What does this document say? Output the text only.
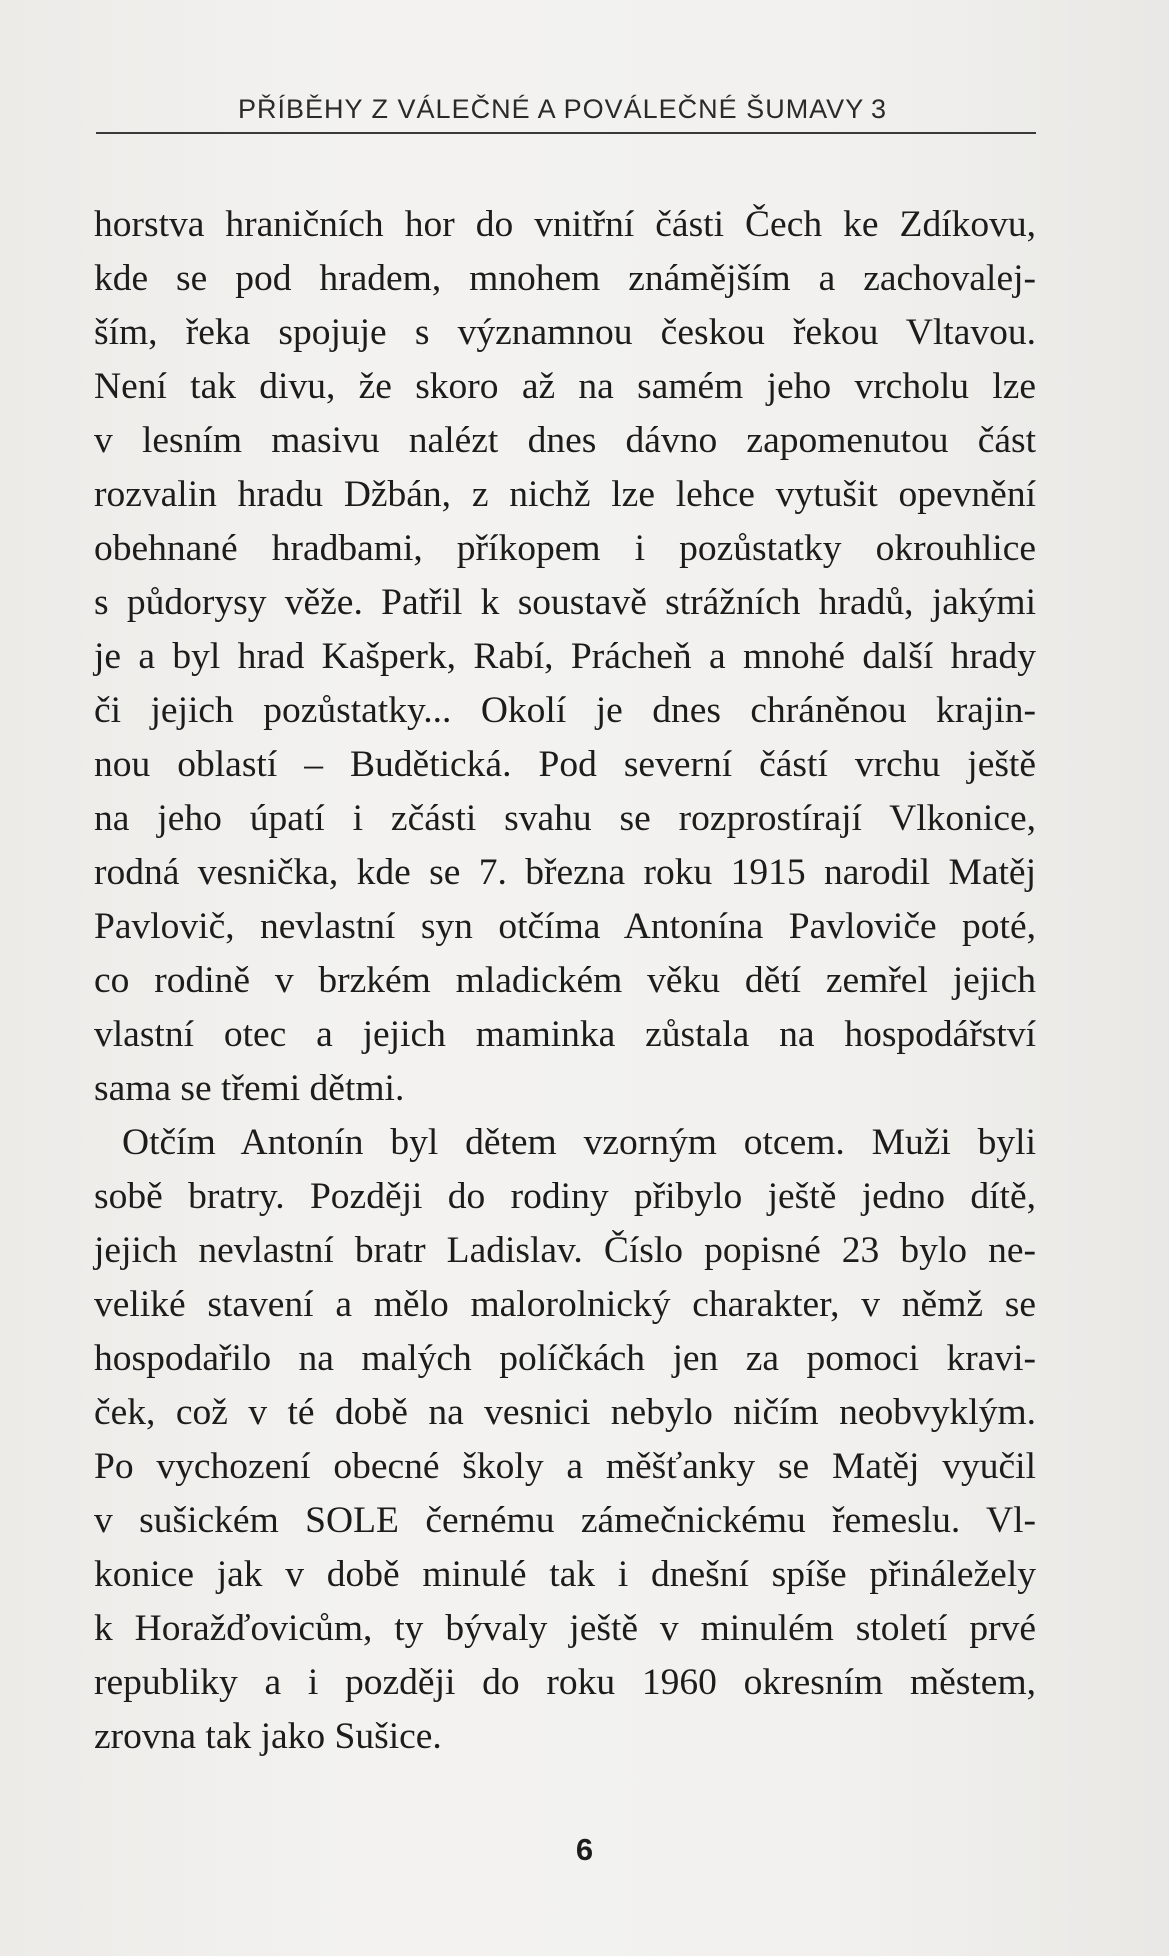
PŘÍBĚHY Z VÁLEČNÉ A POVÁLEČNÉ ŠUMAVY 3
horstva hraničních hor do vnitřní části Čech ke Zdíkovu,
kde se pod hradem, mnohem známějším a zachovalej-
ším, řeka spojuje s významnou českou řekou Vltavou.
Není tak divu, že skoro až na samém jeho vrcholu lze
v lesním masivu nalézt dnes dávno zapomenutou část
rozvalin hradu Džbán, z nichž lze lehce vytušit opevnění
obehnané hradbami, příkopem i pozůstatky okrouhlice
s půdorysy věže. Patřil k soustavě strážních hradů, jakými
je a byl hrad Kašperk, Rabí, Prácheň a mnohé další hrady
či jejich pozůstatky... Okolí je dnes chráněnou krajin-
nou oblastí – Budětická. Pod severní částí vrchu ještě
na jeho úpatí i zčásti svahu se rozprostírají Vlkonice,
rodná vesnička, kde se 7. března roku 1915 narodil Matěj
Pavlovič, nevlastní syn otčíma Antonína Pavloviče poté,
co rodině v brzkém mladickém věku dětí zemřel jejich
vlastní otec a jejich maminka zůstala na hospodářství
sama se třemi dětmi.
Otčím Antonín byl dětem vzorným otcem. Muži byli
sobě bratry. Později do rodiny přibylo ještě jedno dítě,
jejich nevlastní bratr Ladislav. Číslo popisné 23 bylo ne-
veliké stavení a mělo malorolnický charakter, v němž se
hospodařilo na malých políčkách jen za pomoci kravi-
ček, což v té době na vesnici nebylo ničím neobvyklým.
Po vychození obecné školy a měšťanky se Matěj vyučil
v sušickém SOLE černému zámečnickému řemeslu. Vl-
konice jak v době minulé tak i dnešní spíše přináležely
k Horažďovicům, ty bývaly ještě v minulém století prvé
republiky a i později do roku 1960 okresním městem,
zrovna tak jako Sušice.
6
